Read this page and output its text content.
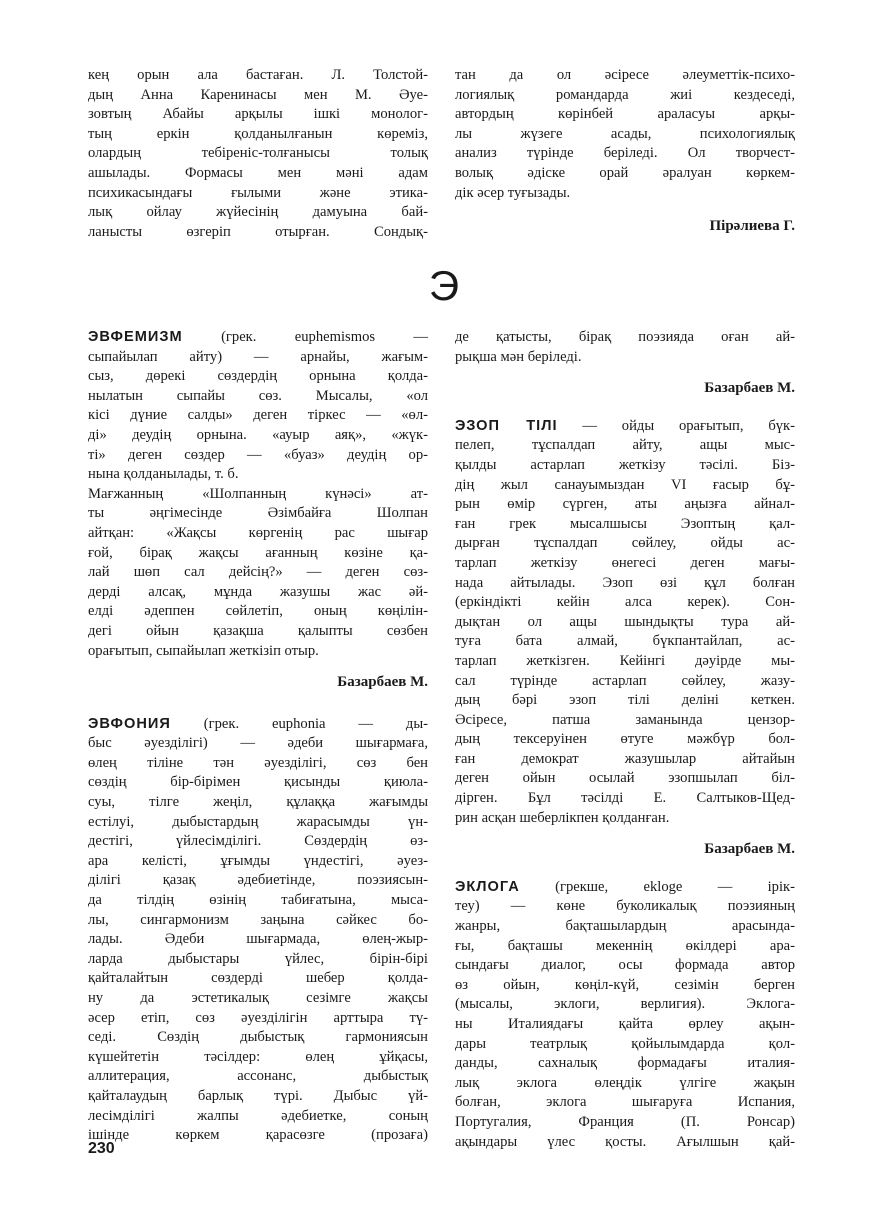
кең орын ала бастаған. Л. Толстой-
дың Анна Каренинасы мен М. Әуе-
зовтың Абайы арқылы ішкі монолог-
тың еркін қолданылғанын көреміз,
олардың тебіреніс-толғанысы толық
ашылады. Формасы мен мәні адам
психикасындағы ғылыми және этика-
лық ойлау жүйесінің дамуына бай-
ланысты өзгеріп отырған. Сондық-

тан да ол әсіресе әлеуметтік-психо-
логиялық романдарда жиі кездеседі,
автордың көрінбей араласуы арқы-
лы жүзеге асады, психологиялық
анализ түрінде беріледі. Ол творчест-
волық әдіске орай әралуан көркем-
дік әсер туғызады.

Пірәлиева Г.
Э

ЭВФЕМИЗМ (грек. euphemismos —
сыпайылап айту) — арнайы, жағым-
сыз, дөрекі сөздердің орнына қолда-
нылатын сыпайы сөз. Мысалы, «ол
кісі дүние салды» деген тіркес — «өл-
ді» деудің орнына. «ауыр аяқ», «жүк-
ті» деген сөздер — «буаз» деудің ор-
нына қолданылады, т. б.
Мағжанның «Шолпанның күнәсі» ат-
ты әңгімесінде Әзімбайға Шолпан
айтқан: «Жақсы көргенің рас шығар
ғой, бірақ жақсы ағанның көзіне қа-
лай шөп сал дейсің?» — деген сөз-
дерді алсақ, мұнда жазушы жас әй-
елді әдеппен сөйлетіп, оның көңілін-
дегі ойын қазақша қалыпты сөзбен
орағытып, сыпайылап жеткізіп отыр.

Базарбаев М.

ЭВФОНИЯ (грек. euphonia — ды-
быс әуезділігі) — әдеби шығармаға,
өлең тіліне тән әуезділігі, сөз бен
сөздің бір-бірімен қисынды қиюла-
суы, тілге жеңіл, құлаққа жағымды
естілуі, дыбыстардың жарасымды үн-
дестігі, үйлесімділігі. Сөздердің өз-
ара келісті, ұғымды үндестігі, әуез-
ділігі қазақ әдебиетінде, поэзиясын-
да тілдің өзінің табиғатына, мыса-
лы, сингармонизм заңына сәйкес бо-
лады. Әдеби шығармада, өлең-жыр-
ларда дыбыстары үйлес, бірін-бірі
қайталайтын сөздерді шебер қолда-
ну да эстетикалық сезімге жақсы
әсер етіп, сөз әуезділігін арттыра тү-
седі. Сөздің дыбыстық гармониясын
күшейтетін тәсілдер: өлең ұйқасы,
аллитерация, ассонанс, дыбыстық
қайталаудың барлық түрі. Дыбыс үй-
лесімділігі жалпы әдебиетке, соның
ішінде көркем қарасөзге (прозаға)

де қатысты, бірақ поэзияда оған ай-
рықша мән беріледі.

Базарбаев М.

ЭЗОП ТІЛІ — ойды орағытып, бүк-
пелеп, тұспалдап айту, ащы мыс-
қылды астарлап жеткізу тәсілі. Біз-
дің жыл санауымыздан VI ғасыр бұ-
рын өмір сүрген, аты аңызға айнал-
ған грек мысалшысы Эзоптың қал-
дырған тұспалдап сөйлеу, ойды ас-
тарлап жеткізу өнегесі деген мағы-
нада айтылады. Эзоп өзі құл болған
(еркіндікті кейін алса керек). Сон-
дықтан ол ащы шындықты тура ай-
туға бата алмай, бүкпантайлап, ас-
тарлап жеткізген. Кейінгі дәуірде мы-
сал түрінде астарлап сөйлеу, жазу-
дың бәрі эзоп тілі деліні кеткен.
Әсіресе, патша заманында цензор-
дың тексеруінен өтуге мәжбүр бол-
ған демократ жазушылар айтайын
деген ойын осылай эзопшылап біл-
дірген. Бұл тәсілді Е. Салтыков-Щед-
рин асқан шеберлікпен қолданған.

Базарбаев М.

ЭКЛОГА (грекше, ekloge — ірік-
теу) — көне буколикалық поэзияның
жанры, бақташылардың арасында-
ғы, бақташы мекеннің өкілдері ара-
сындағы диалог, осы формада автор
өз ойын, көңіл-күй, сезімін берген
(мысалы, эклоги, верлигия). Эклога-
ны Италиядағы қайта өрлеу ақын-
дары театрлық қойылымдарда қол-
данды, сахналық формадағы италия-
лық эклога өлеңдік үлгіге жақын
болған, эклога шығаруға Испания,
Португалия, Франция (П. Ронсар)
ақындары үлес қосты. Ағылшын қай-

230
